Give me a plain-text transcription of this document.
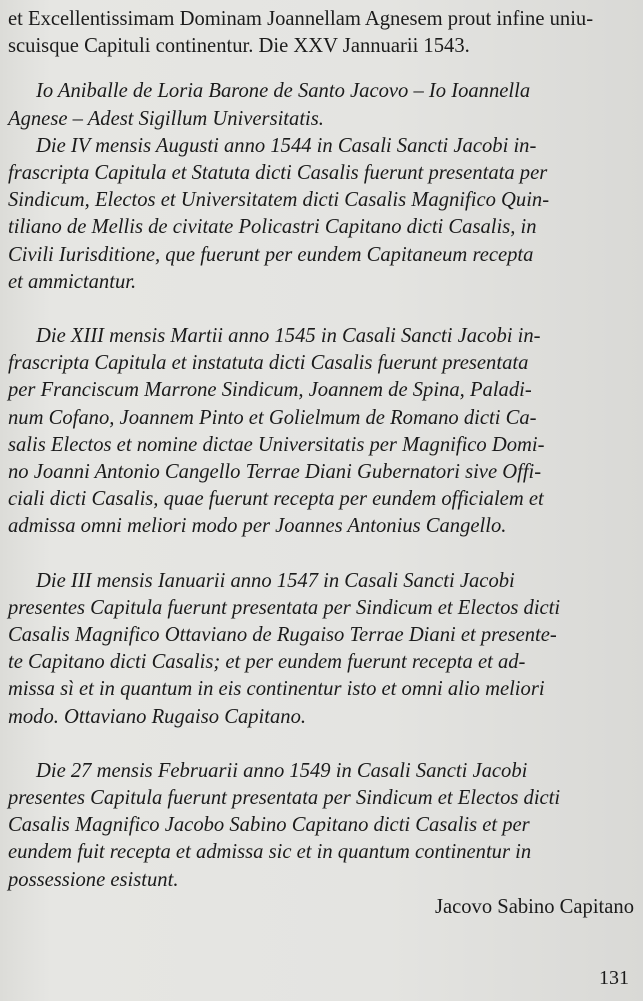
et Excellentissimam Dominam Joannellam Agnesem prout infine uniu-
scuisque Capituli continentur. Die XXV Jannuarii 1543.

Io Aniballe de Loria Barone de Santo Jacovo – Io Ioannella
Agnese – Adest Sigillum Universitatis.

Die IV mensis Augusti anno 1544 in Casali Sancti Jacobi in-
frascripta Capitula et Statuta dicti Casalis fuerunt presentata per
Sindicum, Electos et Universitatem dicti Casalis Magnifico Quin-
tiliano de Mellis de civitate Policastri Capitano dicti Casalis, in
Civili Iurisditione, que fuerunt per eundem Capitaneum recepta
et ammictantur.

Die XIII mensis Martii anno 1545 in Casali Sancti Jacobi in-
frascripta Capitula et instatuta dicti Casalis fuerunt presentata
per Franciscum Marrone Sindicum, Joannem de Spina, Paladi-
num Cofano, Joannem Pinto et Golielmum de Romano dicti Ca-
salis Electos et nomine dictae Universitatis per Magnifico Domi-
no Joanni Antonio Cangello Terrae Diani Gubernatori sive Offi-
ciali dicti Casalis, quae fuerunt recepta per eundem officialem et
admissa omni meliori modo per Joannes Antonius Cangello.

Die III mensis Ianuarii anno 1547 in Casali Sancti Jacobi
presentes Capitula fuerunt presentata per Sindicum et Electos dicti
Casalis Magnifico Ottaviano de Rugaiso Terrae Diani et presente-
te Capitano dicti Casalis; et per eundem fuerunt recepta et ad-
missa sì et in quantum in eis continentur isto et omni alio meliori
modo. Ottaviano Rugaiso Capitano.

Die 27 mensis Februarii anno 1549 in Casali Sancti Jacobi
presentes Capitula fuerunt presentata per Sindicum et Electos dicti
Casalis Magnifico Jacobo Sabino Capitano dicti Casalis et per
eundem fuit recepta et admissa sic et in quantum continentur in
possessione esistunt.

Jacovo Sabino Capitano

131
